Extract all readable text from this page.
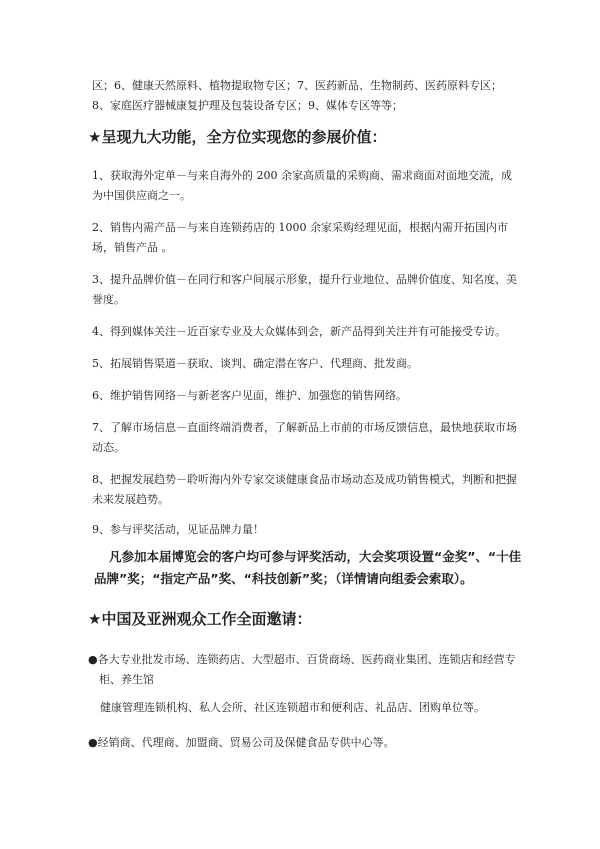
区；6、健康天然原料、植物提取物专区；7、医药新品、生物制药、医药原料专区；8、家庭医疗器械康复护理及包装设备专区；9、媒体专区等等；

★呈现九大功能，全方位实现您的参展价值：

1、获取海外定单－与来自海外的 200 余家高质量的采购商、需求商面对面地交流，成为中国供应商之一。

2、销售内需产品－与来自连锁药店的 1000 余家采购经理见面，根据内需开拓国内市场，销售产品 。

3、提升品牌价值－在同行和客户间展示形象，提升行业地位、品牌价值度、知名度、美誉度。

4、得到媒体关注－近百家专业及大众媒体到会，新产品得到关注并有可能接受专访。

5、拓展销售渠道－获取、谈判、确定潜在客户、代理商、批发商。

6、维护销售网络－与新老客户见面，维护、加强您的销售网络。

7、了解市场信息－直面终端消费者，了解新品上市前的市场反馈信息，最快地获取市场动态。

8、把握发展趋势－聆听海内外专家交谈健康食品市场动态及成功销售模式，判断和把握未来发展趋势。

9、参与评奖活动，见证品牌力量！

凡参加本届博览会的客户均可参与评奖活动，大会奖项设置“金奖”、“十佳品牌”奖；“指定产品”奖、“科技创新”奖；（详情请向组委会索取）。

★中国及亚洲观众工作全面邀请：

●各大专业批发市场、连锁药店、大型超市、百货商场、医药商业集团、连锁店和经营专柜、养生馆

健康管理连锁机构、私人会所、社区连锁超市和便利店、礼品店、团购单位等。

●经销商、代理商、加盟商、贸易公司及保健食品专供中心等。
